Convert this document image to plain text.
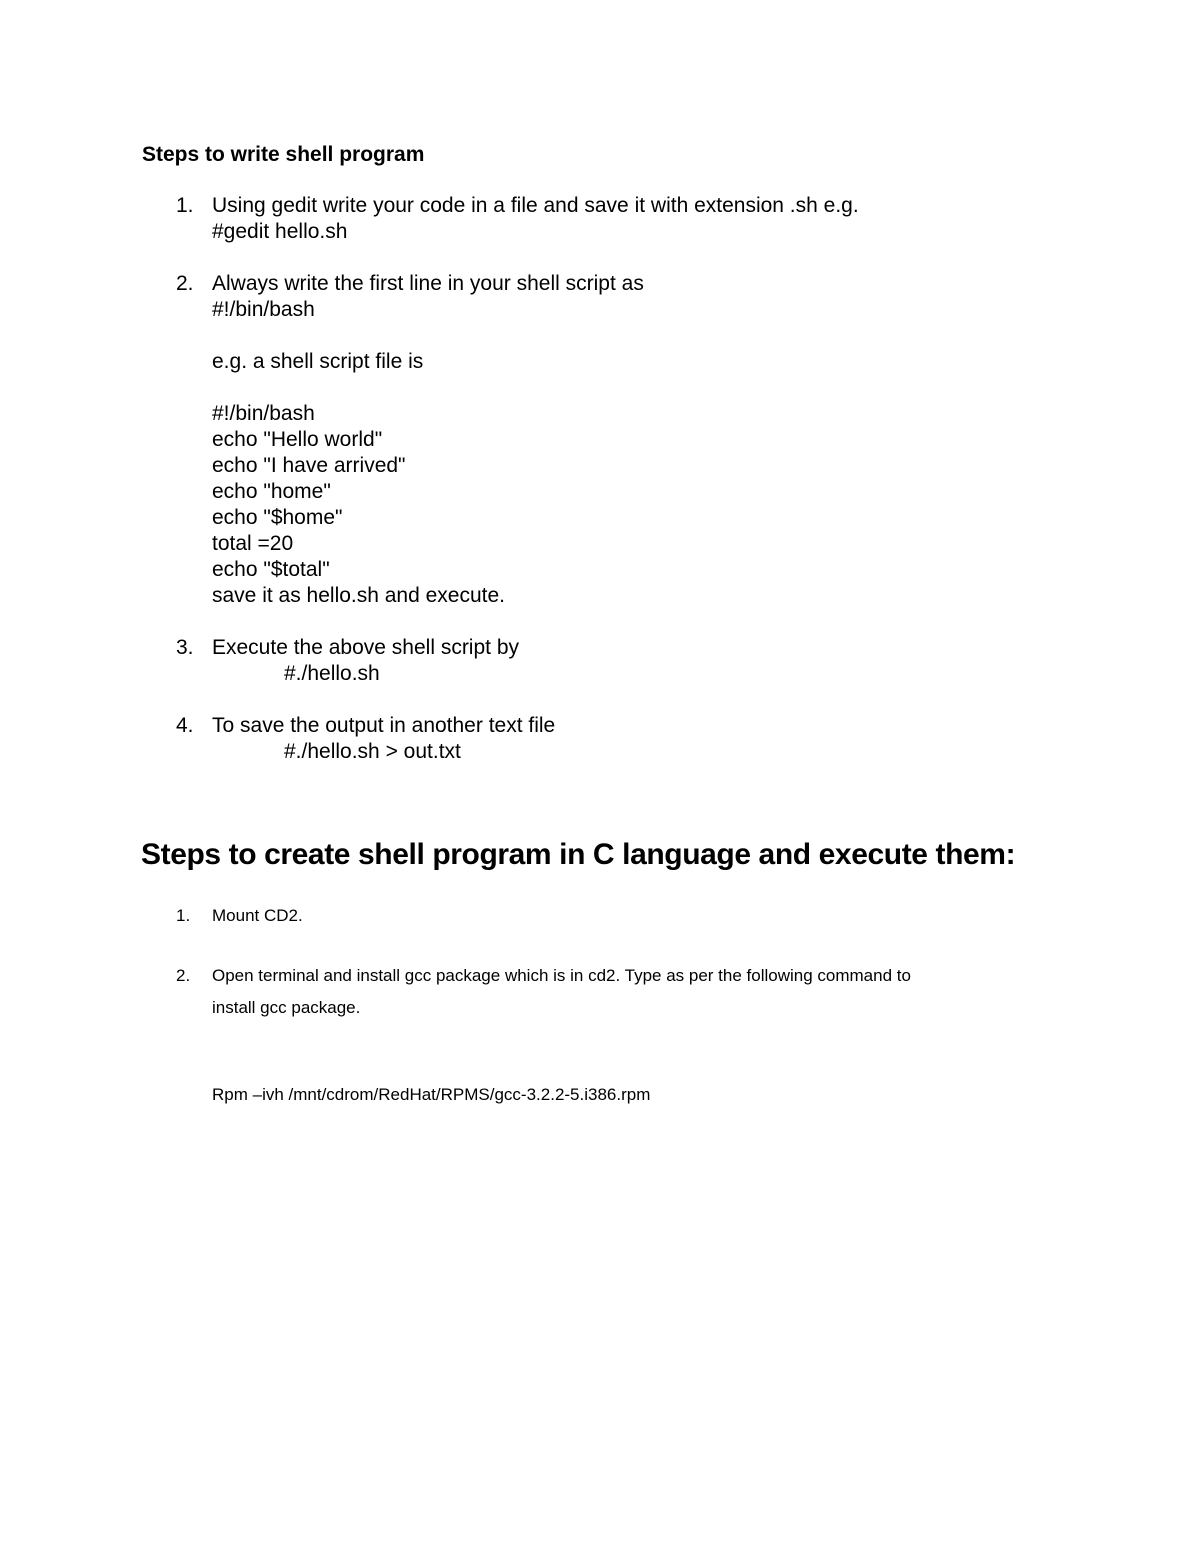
Steps to write shell program
1. Using gedit write your code in a file and save it with extension .sh e.g.
#gedit hello.sh
2. Always write the first line in your shell script as
#!/bin/bash
e.g. a shell script file is
#!/bin/bash
echo "Hello world"
echo "I have arrived"
echo "home"
echo "$home"
total =20
echo "$total"
save it as hello.sh and execute.
3. Execute the above shell script by
#./hello.sh
4. To save the output in another text file
#./hello.sh > out.txt
Steps to create shell program in C language and execute them:
1. Mount CD2.
2. Open terminal and install gcc package which is in cd2. Type as per the following command to
install gcc package.
Rpm –ivh /mnt/cdrom/RedHat/RPMS/gcc-3.2.2-5.i386.rpm
